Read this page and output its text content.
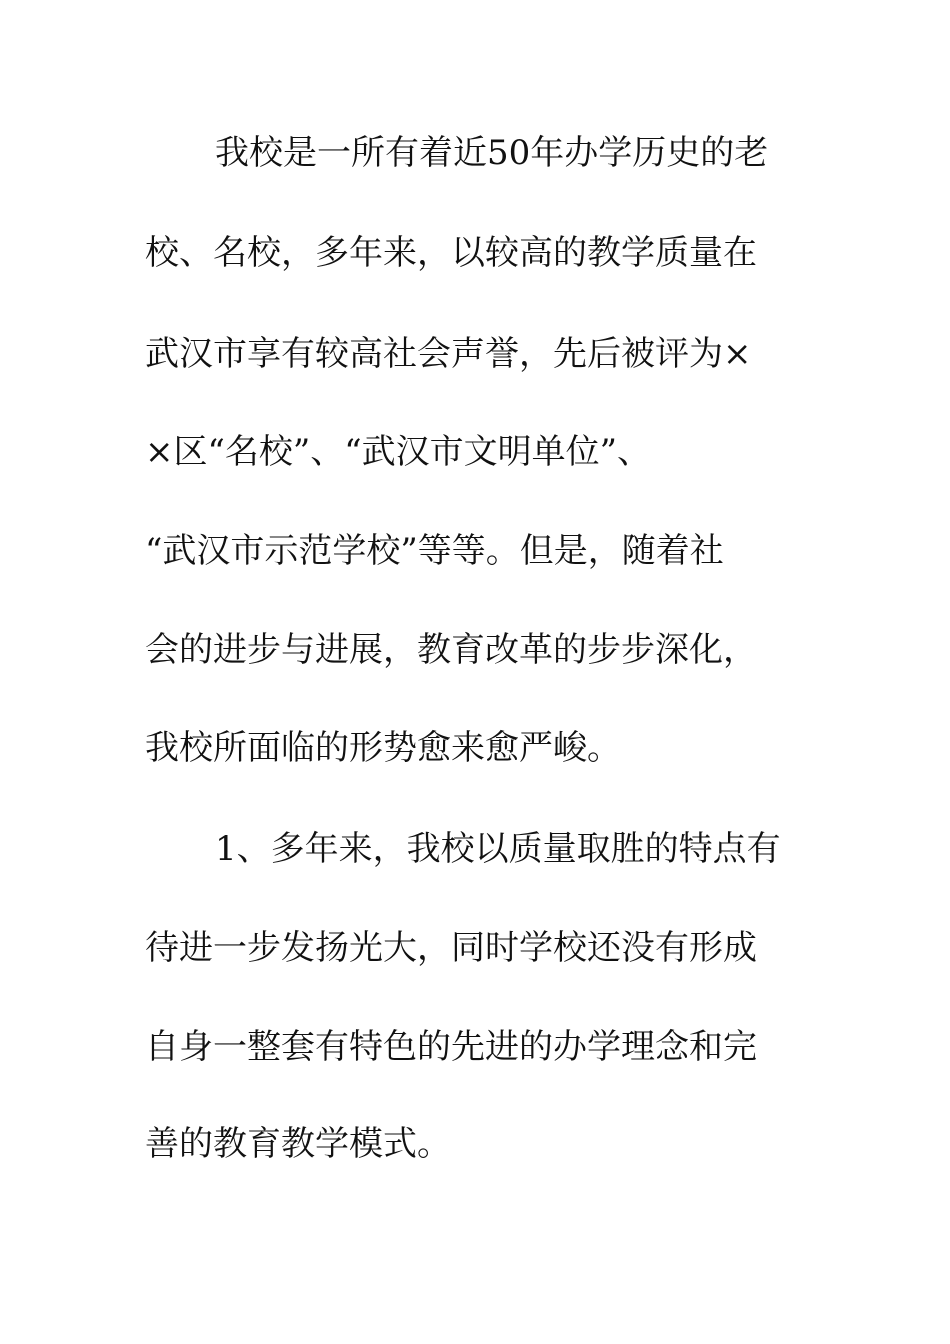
我校是一所有着近50年办学历史的老
校、名校，多年来，以较高的教学质量在
武汉市享有较高社会声誉，先后被评为×
×区“名校”、“武汉市文明单位”、
“武汉市示范学校”等等。但是，随着社
会的进步与进展，教育改革的步步深化，
我校所面临的形势愈来愈严峻。
1、多年来，我校以质量取胜的特点有
待进一步发扬光大，同时学校还没有形成
自身一整套有特色的先进的办学理念和完
善的教育教学模式。
